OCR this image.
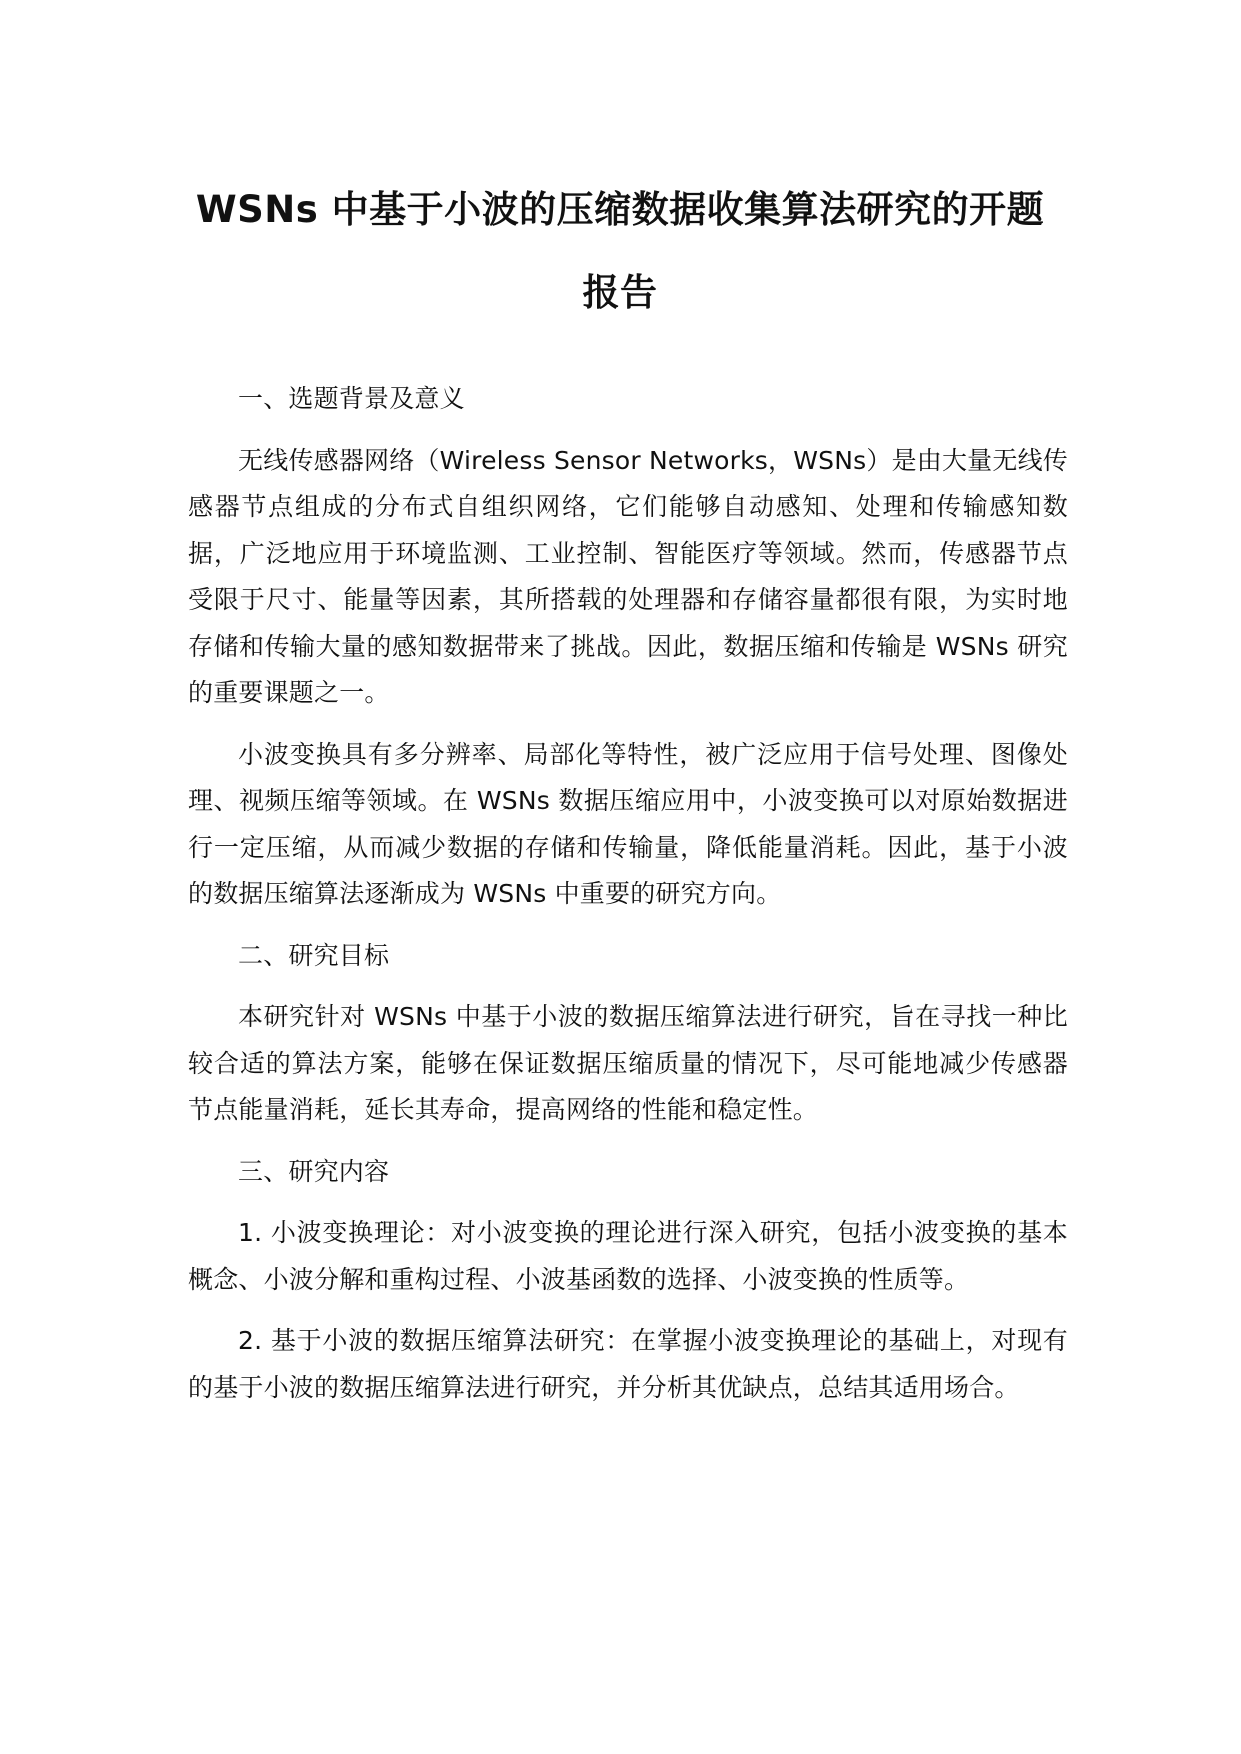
WSNs 中基于小波的压缩数据收集算法研究的开题
报告

一、选题背景及意义

无线传感器网络（Wireless Sensor Networks，WSNs）是由大量无线传感器节点组成的分布式自组织网络，它们能够自动感知、处理和传输感知数据，广泛地应用于环境监测、工业控制、智能医疗等领域。然而，传感器节点受限于尺寸、能量等因素，其所搭载的处理器和存储容量都很有限，为实时地存储和传输大量的感知数据带来了挑战。因此，数据压缩和传输是 WSNs 研究的重要课题之一。

小波变换具有多分辨率、局部化等特性，被广泛应用于信号处理、图像处理、视频压缩等领域。在 WSNs 数据压缩应用中，小波变换可以对原始数据进行一定压缩，从而减少数据的存储和传输量，降低能量消耗。因此，基于小波的数据压缩算法逐渐成为 WSNs 中重要的研究方向。

二、研究目标

本研究针对 WSNs 中基于小波的数据压缩算法进行研究，旨在寻找一种比较合适的算法方案，能够在保证数据压缩质量的情况下，尽可能地减少传感器节点能量消耗，延长其寿命，提高网络的性能和稳定性。

三、研究内容

1. 小波变换理论：对小波变换的理论进行深入研究，包括小波变换的基本概念、小波分解和重构过程、小波基函数的选择、小波变换的性质等。

2. 基于小波的数据压缩算法研究：在掌握小波变换理论的基础上，对现有的基于小波的数据压缩算法进行研究，并分析其优缺点，总结其适用场合。
